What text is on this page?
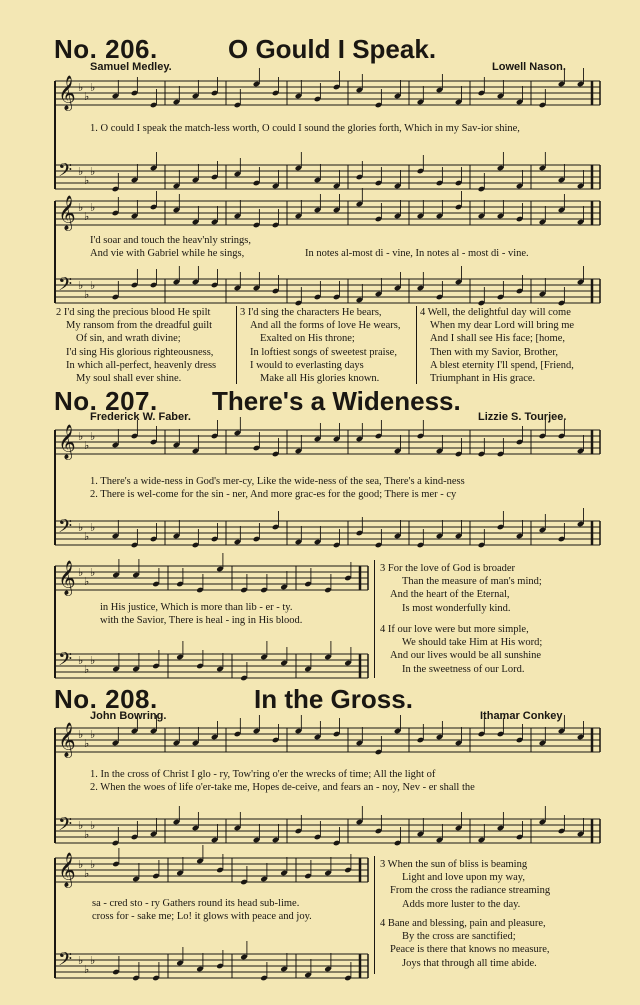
No. 206.	O Gould I Speak.
Samuel Medley.	Lowell Nason.
𝄞 ♭
♭
♭
𝄢 ♭
♭
♭
1. O could I speak the match-less worth, O could I sound the glories forth, Which in my Sav-ior shine,
𝄞 ♭
♭
♭
𝄢 ♭
♭
♭
I'd soar and touch the heav'nly strings,
And vie with Gabriel while he sings,	In notes al-most di - vine, In notes al - most di - vine.
2 I'd sing the precious blood He spilt
My ransom from the dreadful guilt
Of sin, and wrath divine;
I'd sing His glorious righteousness,
In which all-perfect, heavenly dress
My soul shall ever shine.
3 I'd sing the characters He bears,
And all the forms of love He wears,
Exalted on His throne;
In loftiest songs of sweetest praise,
I would to everlasting days
Make all His glories known.
4 Well, the delightful day will come
When my dear Lord will bring me
And I shall see His face; [home,
Then with my Savior, Brother,
A blest eternity I'll spend, [Friend,
Triumphant in His grace.
No. 207. There's a Wideness.
Frederick W. Faber.	Lizzie S. Tourjee.
𝄞 ♭
♭
♭
𝄢 ♭
♭
♭
1. There's a wide-ness in God's mer-cy, Like the wide-ness of the sea, There's a kind-ness
2. There is wel-come for the sin - ner, And more grac-es for the good; There is mer - cy
𝄞 ♭
♭
♭
𝄢 ♭
♭
♭
in His justice, Which is more than lib - er - ty.
with the Savior, There is heal - ing in His blood.
3 For the love of God is broader
Than the measure of man's mind;
And the heart of the Eternal,
Is most wonderfully kind.
4 If our love were but more simple,
We should take Him at His word;
And our lives would be all sunshine
In the sweetness of our Lord.
No. 208.	In the Gross.
John Bowring.	Ithamar Conkey
𝄞 ♭
♭
♭
𝄢 ♭
♭
♭
1. In the cross of Christ I glo - ry, Tow'ring o'er the wrecks of time; All the light of
2. When the woes of life o'er-take me, Hopes de-ceive, and fears an - noy, Nev - er shall the
𝄞 ♭
♭
♭
𝄢 ♭
♭
♭
sa - cred sto - ry Gathers round its head sub-lime.
cross for - sake me; Lo! it glows with peace and joy.
3 When the sun of bliss is beaming
Light and love upon my way,
From the cross the radiance streaming
Adds more luster to the day.
4 Bane and blessing, pain and pleasure,
By the cross are sanctified;
Peace is there that knows no measure,
Joys that through all time abide.
